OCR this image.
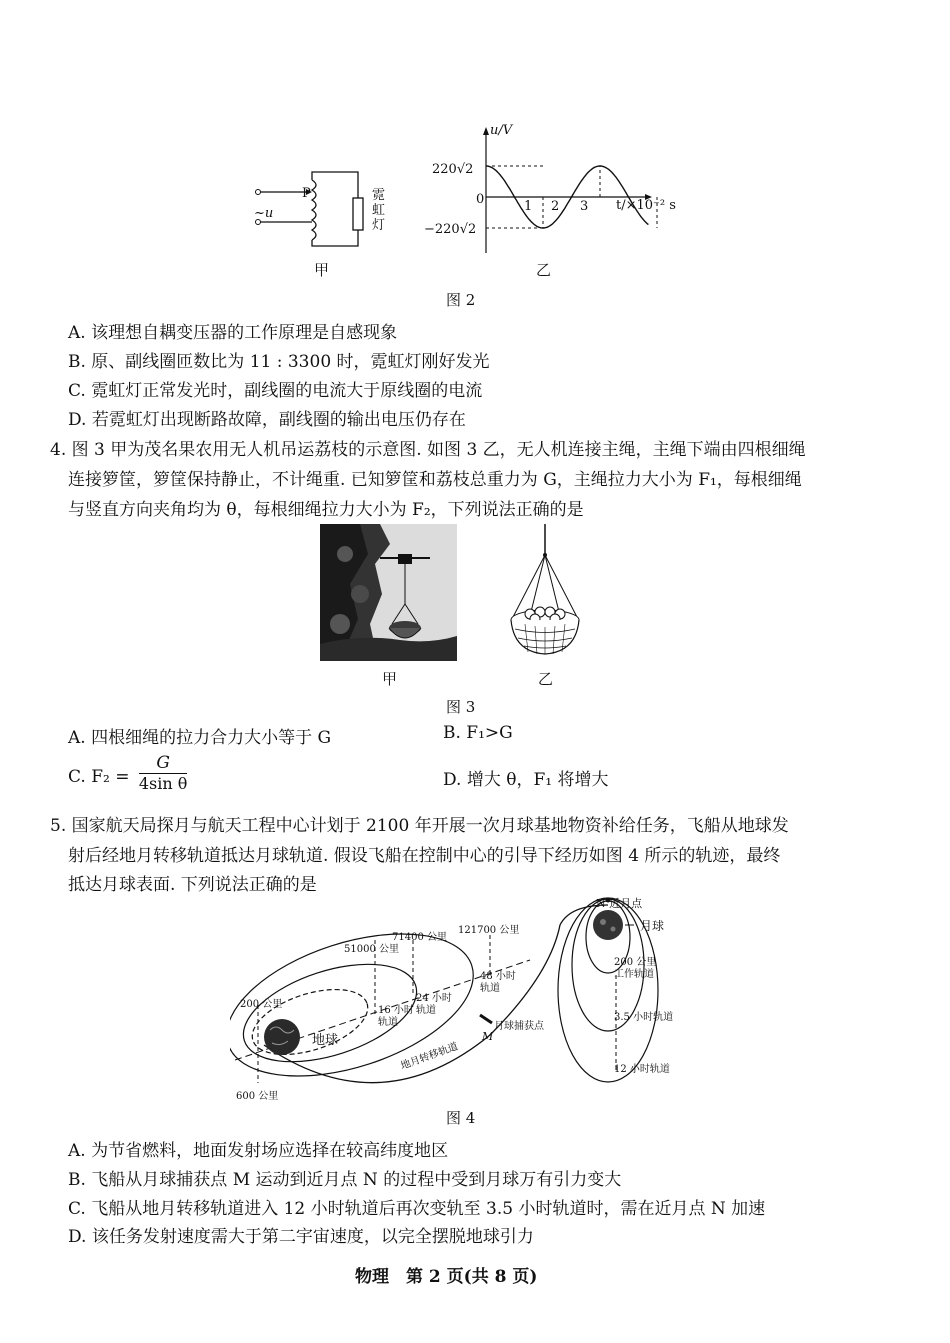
P
~u
霓
虹
灯
甲
u/V
220√2
−220√2
0	1 2 3 t/×10⁻² s
乙
图 2
A. 该理想自耦变压器的工作原理是自感现象
B. 原、副线圈匝数比为 11 : 3300 时，霓虹灯刚好发光
C. 霓虹灯正常发光时，副线圈的电流大于原线圈的电流
D. 若霓虹灯出现断路故障，副线圈的输出电压仍存在
4. 图 3 甲为茂名果农用无人机吊运荔枝的示意图. 如图 3 乙，无人机连接主绳，主绳下端由四根细绳
连接箩筐，箩筐保持静止，不计绳重. 已知箩筐和荔枝总重力为 G，主绳拉力大小为 F₁，每根细绳
与竖直方向夹角均为 θ，每根细绳拉力大小为 F₂，下列说法正确的是
甲	乙
图 3
A. 四根细绳的拉力合力大小等于 G	B. F₁>G
C. $F_2 = \frac{G}{\text{4sin θ}}$	D. 增大 θ，F₁ 将增大
5. 国家航天局探月与航天工程中心计划于 2100 年开展一次月球基地物资补给任务，飞船从地球发
射后经地月转移轨道抵达月球轨道. 假设飞船在控制中心的引导下经历如图 4 所示的轨迹，最终
抵达月球表面. 下列说法正确的是
N 近月点
月球
71400 公里
121700 公里
51000 公里
200 公里
600 公里
48 小时
轨道
24 小时
轨道
16 小时
轨道
地球
地月转移轨道
月球捕获点
M
200 公里
工作轨道
3.5 小时轨道
12 小时轨道
图 4
A. 为节省燃料，地面发射场应选择在较高纬度地区
B. 飞船从月球捕获点 M 运动到近月点 N 的过程中受到月球万有引力变大
C. 飞船从地月转移轨道进入 12 小时轨道后再次变轨至 3.5 小时轨道时，需在近月点 N 加速
D. 该任务发射速度需大于第二宇宙速度，以完全摆脱地球引力
物理　第 2 页(共 8 页)
